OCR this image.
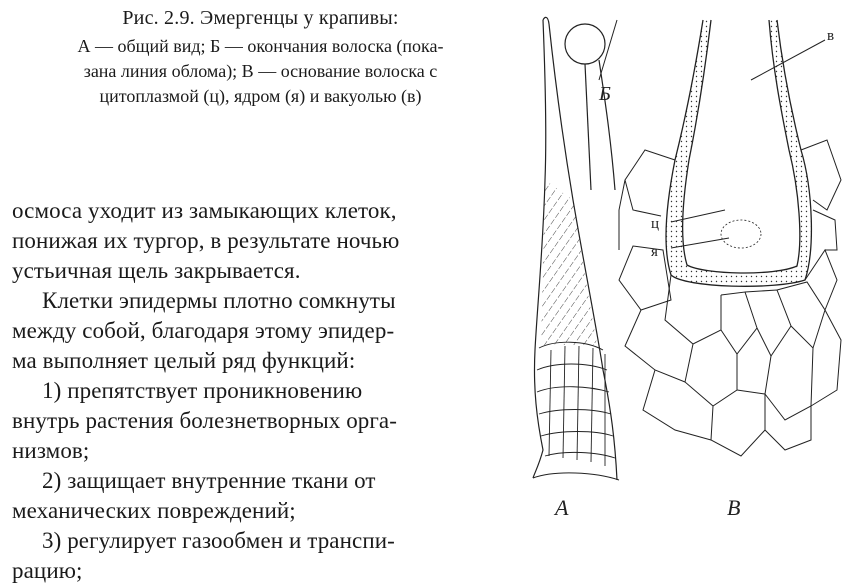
Рис. 2.9. Эмергенцы у крапивы:
А — общий вид; Б — окончания волоска (пока-
зана линия облома); В — основание волоска с
цитоплазмой (ц), ядром (я) и вакуолью (в)
осмоса уходит из замыкающих клеток,
понижая их тургор, в результате ночью
устьичная щель закрывается.
Клетки эпидермы плотно сомкнуты
между собой, благодаря этому эпидер-
ма выполняет целый ряд функций:
1) препятствует проникновению
внутрь растения болезнетворных орга-
низмов;
2) защищает внутренние ткани от
механических повреждений;
3) регулирует газообмен и транспи-
рацию;
А
Б
В
ц
я
в
